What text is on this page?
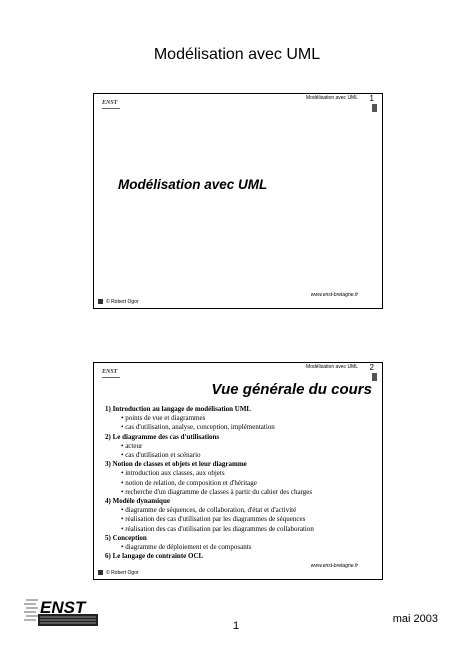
Modélisation avec UML
ENST
Modélisation avec UML 1
Modélisation avec UML
www.enst-bretagne.fr
© Robert Ogor
ENST
Modélisation avec UML 2
Vue générale du cours
1) Introduction au langage de modélisation UML
• points de vue et diagrammes
• cas d'utilisation, analyse, conception, implémentation
2) Le diagramme des cas d'utilisations
• acteur
• cas d'utilisation et scénario
3) Notion de classes et objets et leur diagramme
• introduction aux classes, aux objets
• notion de relation, de composition et d'héritage
• recherche d'un diagramme de classes à partir du cahier des charges
4) Modèle dynamique
• diagramme de séquences, de collaboration, d'état et d'activité
• réalisation des cas d'utilisation par les diagrammes de séquences
• réalisation des cas d'utilisation par les diagrammes de collaboration
5) Conception
• diagramme de déploiement et de composants
6) Le langage de contrainte OCL
www.enst-bretagne.fr
© Robert Ogor
ENST
1
mai 2003
